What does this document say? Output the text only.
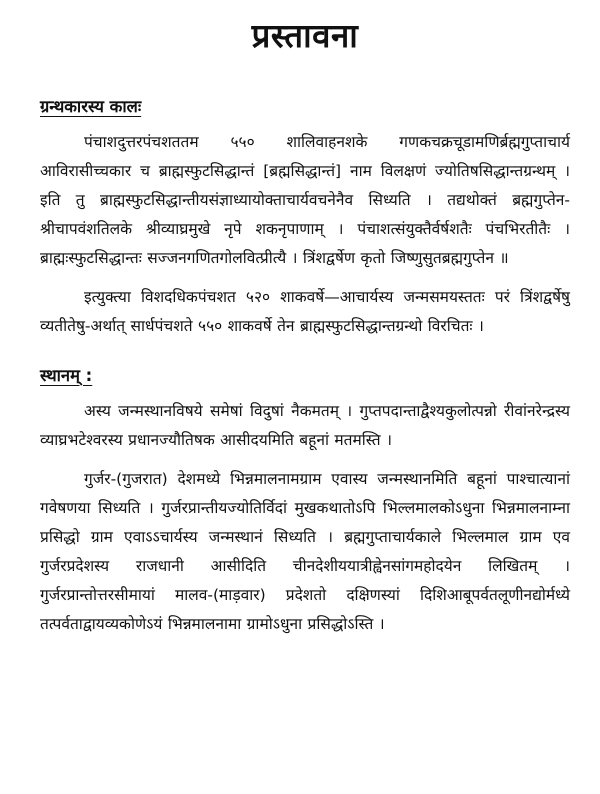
प्रस्तावना
ग्रन्थकारस्य कालः

पंचाशदुत्तरपंचशततम ५५० शालिवाहनशके गणकचक्रचूडामणिर्ब्रह्मगुप्ताचार्य आविरासीच्चकार च ब्राह्मस्फुटसिद्धान्तं [ब्रह्मसिद्धान्तं] नाम विलक्षणं ज्योतिषसिद्धान्तग्रन्थम् । इति तु ब्राह्मस्फुटसिद्धान्तीयसंज्ञाध्यायोक्ताचार्यवचनेनैव सिध्यति । तद्यथोक्तं ब्रह्मगुप्तेन- श्रीचापवंशतिलके श्रीव्याघ्रमुखे नृपे शकनृपाणाम् । पंचाशत्संयुक्तैर्वर्षशतैः पंचभिरतीतैः । ब्राह्मःस्फुटसिद्धान्तः सज्जनगणितगोलवित्प्रीत्यै । त्रिंशद्वर्षेण कृतो जिष्णुसुतब्रह्मगुप्तेन ॥

इत्युक्त्या विशदधिकपंचशत ५२० शाकवर्षे—आचार्यस्य जन्मसमयस्ततः परं त्रिंशद्वर्षेषु व्यतीतेषु-अर्थात् सार्धपंचशते ५५० शाकवर्षे तेन ब्राह्मस्फुटसिद्धान्तग्रन्थो विरचितः ।

स्थानम् :

अस्य जन्मस्थानविषये समेषां विदुषां नैकमतम् । गुप्तपदान्ताद्वैश्यकुलोत्पन्नो रीवांनरेन्द्रस्य व्याघ्रभटेश्वरस्य प्रधानज्यौतिषक आसीदयमिति बहूनां मतमस्ति ।

गुर्जर-(गुजरात) देशमध्ये भिन्नमालनामग्राम एवास्य जन्मस्थानमिति बहूनां पाश्चात्यानां गवेषणया सिध्यति । गुर्जरप्रान्तीयज्योतिर्विदां मुखकथातोऽपि भिल्लमालकोऽधुना भिन्नमालनाम्ना प्रसिद्धो ग्राम एवाऽऽचार्यस्य जन्मस्थानं सिध्यति । ब्रह्मगुप्ताचार्यकाले भिल्लमाल ग्राम एव गुर्जरप्रदेशस्य राजधानी आसीदिति चीनदेशीययात्रीह्वेनसांगमहोदयेन लिखितम् । गुर्जरप्रान्तोत्तरसीमायां मालव-(माड़वार) प्रदेशतो दक्षिणस्यां दिशिआबूपर्वतलूणीनद्योर्मध्ये तत्पर्वताद्वायव्यकोणेऽयं भिन्नमालनामा ग्रामोऽधुना प्रसिद्धोऽस्ति ।
